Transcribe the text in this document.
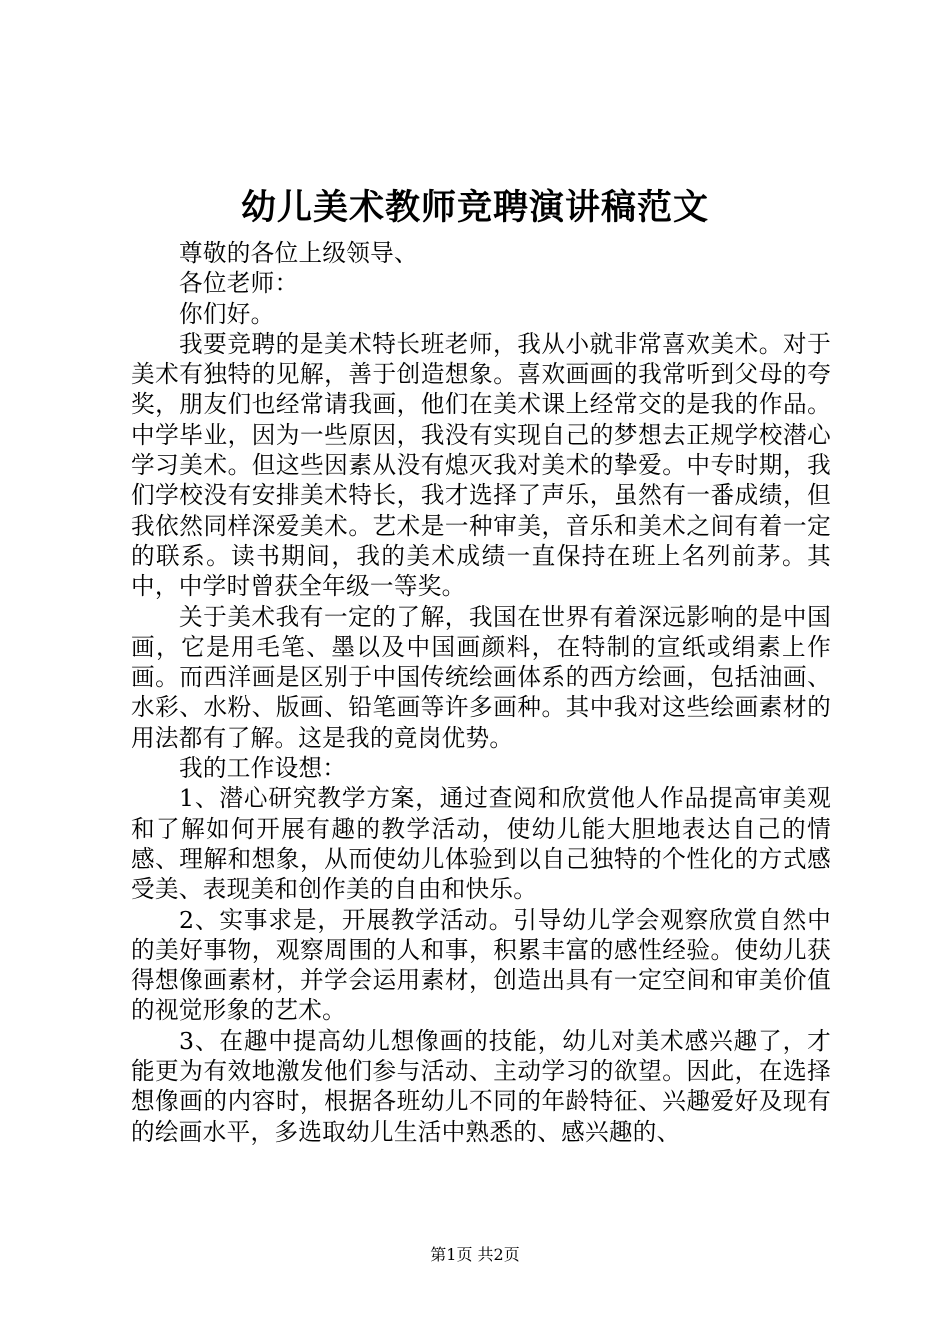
幼儿美术教师竞聘演讲稿范文

尊敬的各位上级领导、

各位老师：

你们好。

我要竞聘的是美术特长班老师，我从小就非常喜欢美术。对于美术有独特的见解，善于创造想象。喜欢画画的我常听到父母的夸奖，朋友们也经常请我画，他们在美术课上经常交的是我的作品。中学毕业，因为一些原因，我没有实现自己的梦想去正规学校潜心学习美术。但这些因素从没有熄灭我对美术的挚爱。中专时期，我们学校没有安排美术特长，我才选择了声乐，虽然有一番成绩，但我依然同样深爱美术。艺术是一种审美，音乐和美术之间有着一定的联系。读书期间，我的美术成绩一直保持在班上名列前茅。其中，中学时曾获全年级一等奖。

关于美术我有一定的了解，我国在世界有着深远影响的是中国画，它是用毛笔、墨以及中国画颜料，在特制的宣纸或绢素上作画。而西洋画是区别于中国传统绘画体系的西方绘画，包括油画、水彩、水粉、版画、铅笔画等许多画种。其中我对这些绘画素材的用法都有了解。这是我的竟岗优势。

我的工作设想：

1、潜心研究教学方案，通过查阅和欣赏他人作品提高审美观和了解如何开展有趣的教学活动，使幼儿能大胆地表达自己的情感、理解和想象，从而使幼儿体验到以自己独特的个性化的方式感受美、表现美和创作美的自由和快乐。

2、实事求是，开展教学活动。引导幼儿学会观察欣赏自然中的美好事物，观察周围的人和事，积累丰富的感性经验。使幼儿获得想像画素材，并学会运用素材，创造出具有一定空间和审美价值的视觉形象的艺术。

3、在趣中提高幼儿想像画的技能，幼儿对美术感兴趣了，才能更为有效地激发他们参与活动、主动学习的欲望。因此，在选择想像画的内容时，根据各班幼儿不同的年龄特征、兴趣爱好及现有的绘画水平，多选取幼儿生活中熟悉的、感兴趣的、

第1页 共2页
